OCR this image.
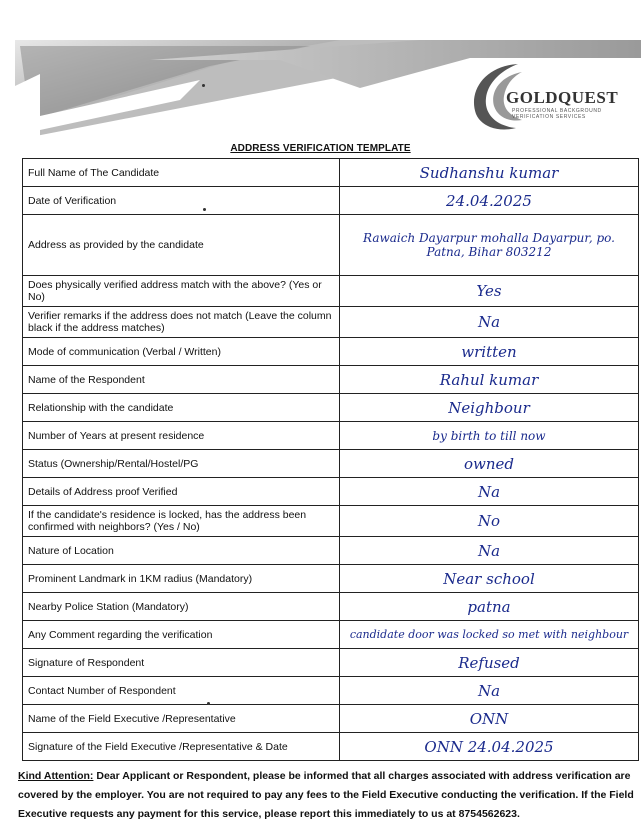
GOLDQUEST
PROFESSIONAL BACKGROUND VERIFICATION SERVICES
ADDRESS VERIFICATION TEMPLATE
Full Name of The Candidate	Sudhanshu kumar
Date of Verification	24.04.2025
Address as provided by the candidate	Rawaich Dayarpur mohalla Dayarpur, po. Patna, Bihar 803212
Does physically verified address match with the above? (Yes or No)	Yes
Verifier remarks if the address does not match (Leave the column black if the address matches)	Na
Mode of communication (Verbal / Written)	written
Name of the Respondent	Rahul kumar
Relationship with the candidate	Neighbour
Number of Years at present residence	by birth to till now
Status (Ownership/Rental/Hostel/PG	owned
Details of Address proof Verified	Na
If the candidate's residence is locked, has the address been confirmed with neighbors? (Yes / No)	No
Nature of Location	Na
Prominent Landmark in 1KM radius (Mandatory)	Near school
Nearby Police Station (Mandatory)	patna
Any Comment regarding the verification	candidate door was locked so met with neighbour
Signature of Respondent	Refused
Contact Number of Respondent	Na
Name of the Field Executive /Representative	ONN
Signature of the Field Executive /Representative & Date	ONN 24.04.2025
Kind Attention: Dear Applicant or Respondent, please be informed that all charges associated with address verification are covered by the employer. You are not required to pay any fees to the Field Executive conducting the verification. If the Field Executive requests any payment for this service, please report this immediately to us at 8754562623.
